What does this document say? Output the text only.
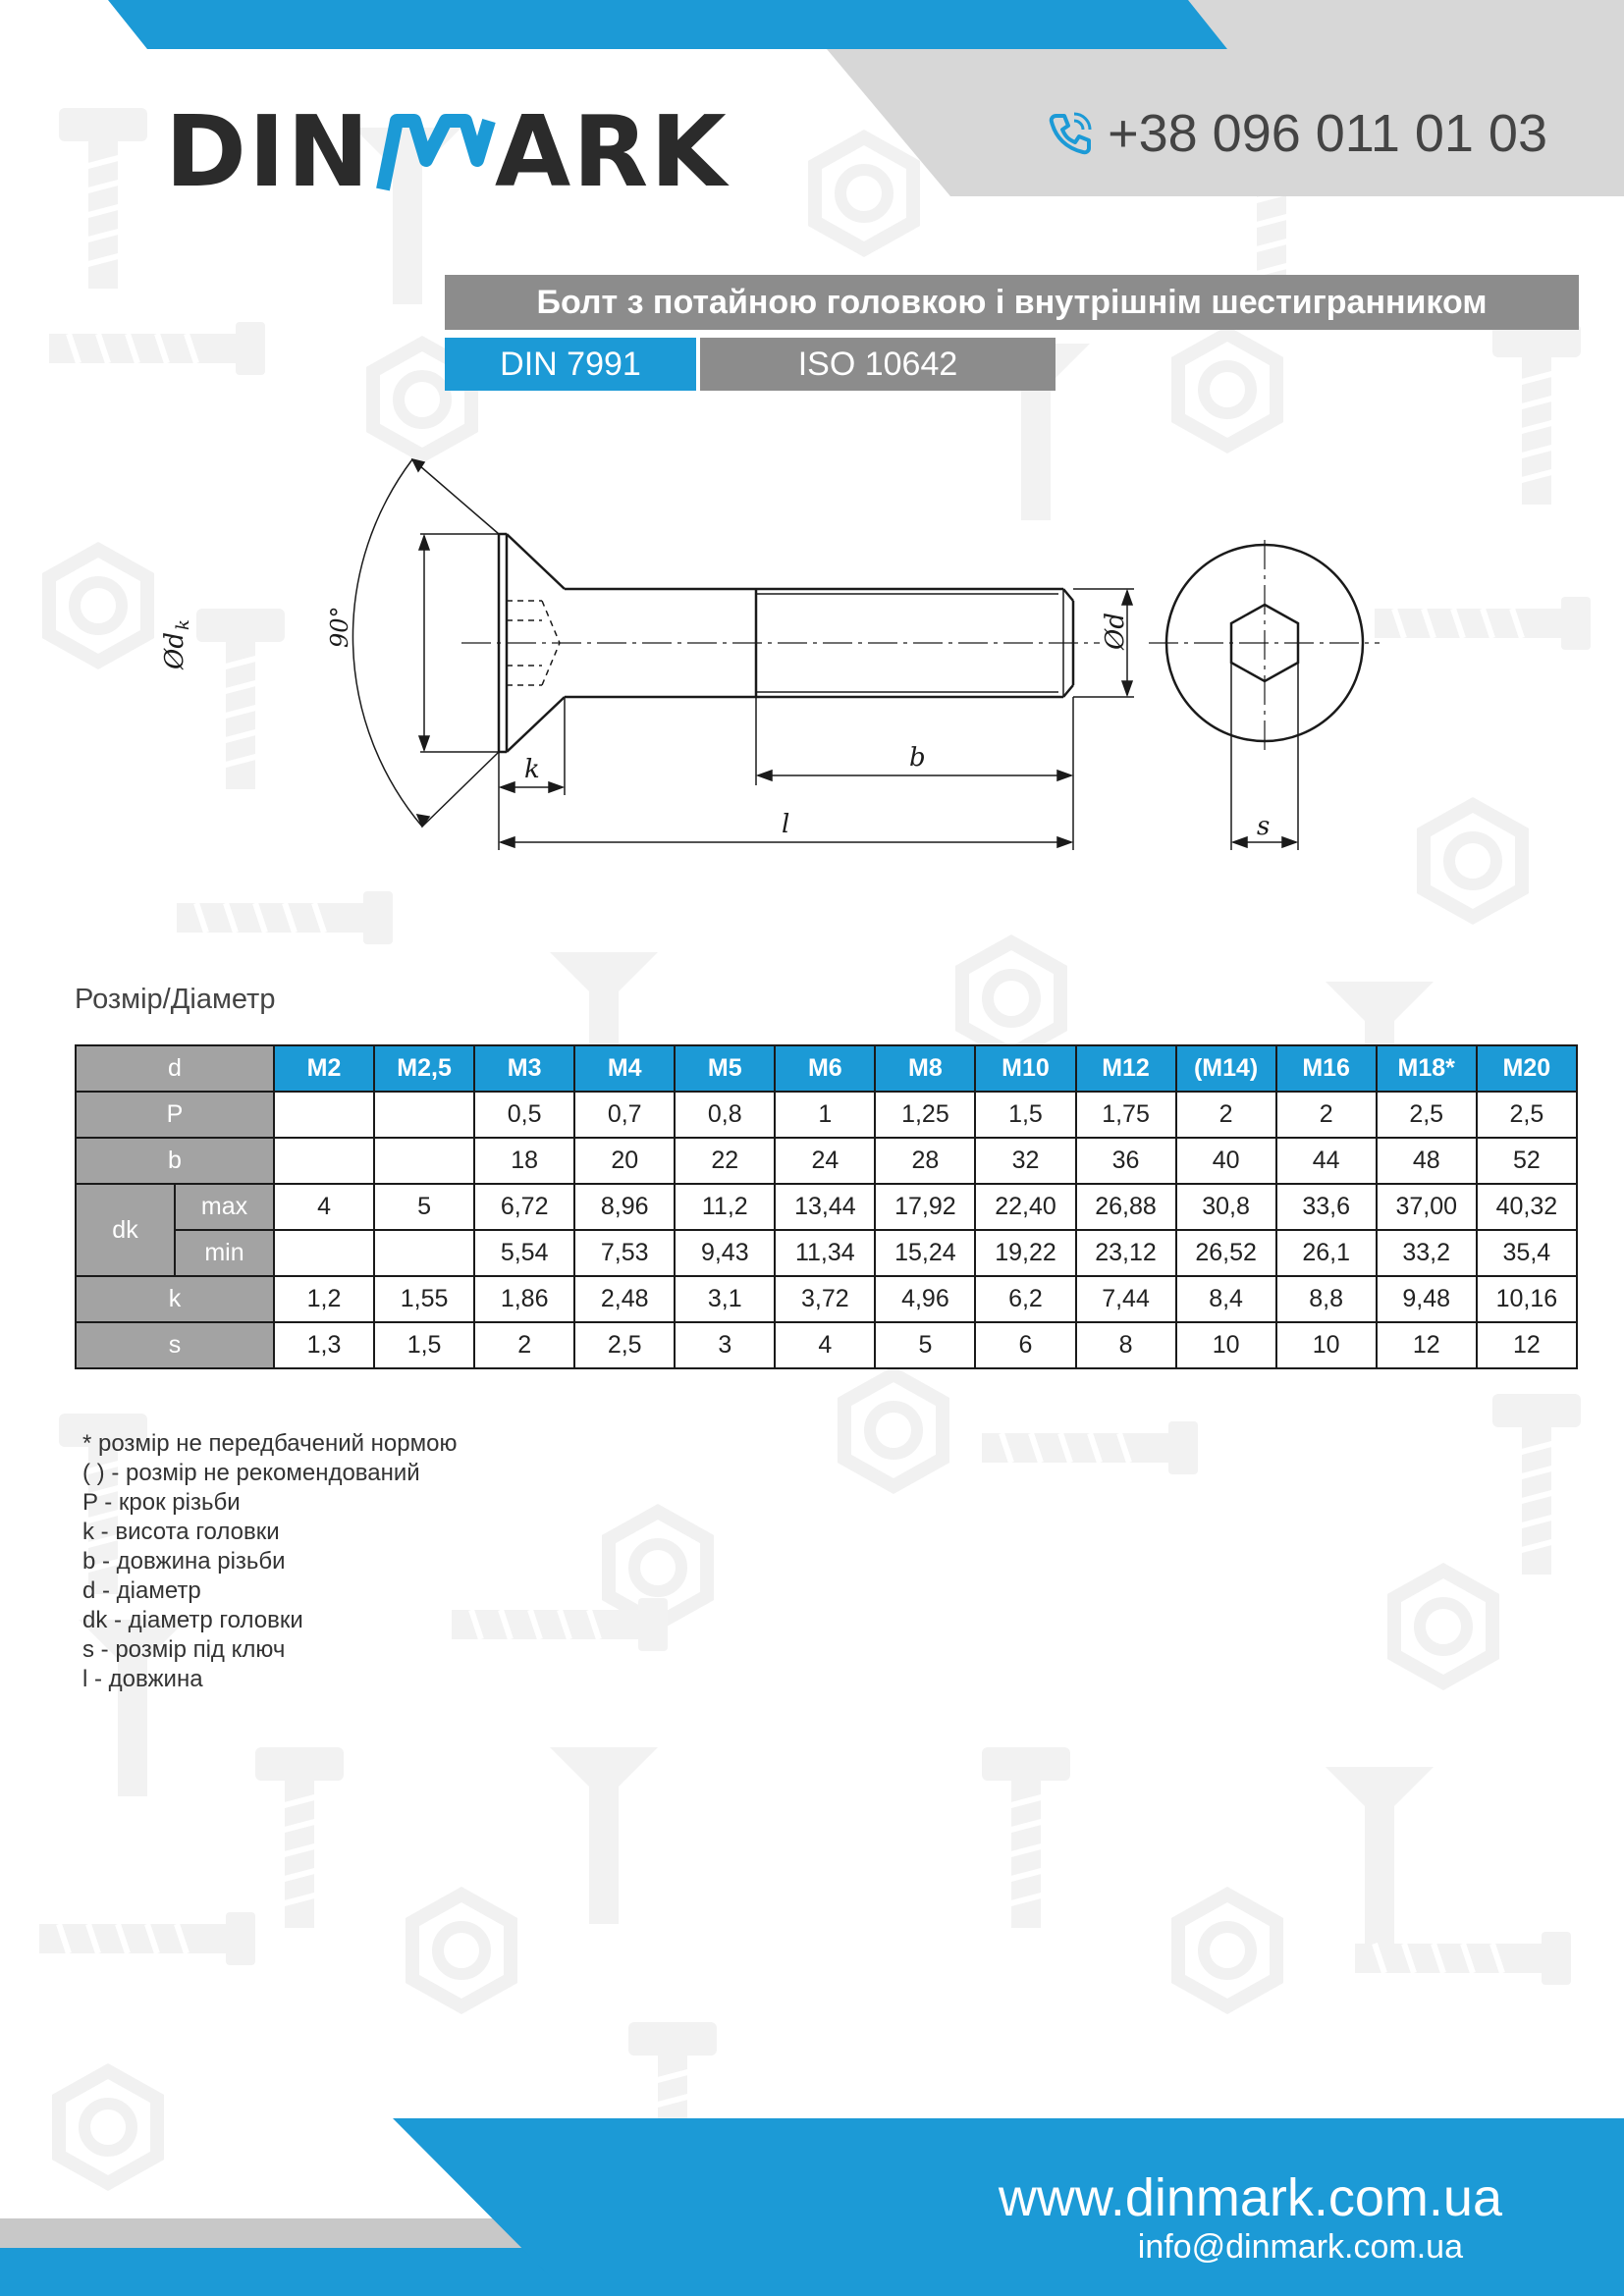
DIN ARK	+38 096 011 01 03
Болт з потайною головкою і внутрішнім шестигранником
DIN 7991	ISO 10642
90°
Ød
k	Ød
k	b
l	s
Розмір/Діаметр
d		M2	M2,5	M3	M4	M5	M6	M8	M10	M12	(M14)	M16	M18*	M20
P				0,5	0,7	0,8	1	1,25	1,5	1,75	2	2	2,5	2,5
b				18	20	22	24	28	32	36	40	44	48	52
dk	max	4	5	6,72	8,96	11,2	13,44	17,92	22,40	26,88	30,8	33,6	37,00	40,32
	min			5,54	7,53	9,43	11,34	15,24	19,22	23,12	26,52	26,1	33,2	35,4
k		1,2	1,55	1,86	2,48	3,1	3,72	4,96	6,2	7,44	8,4	8,8	9,48	10,16
s		1,3	1,5	2	2,5	3	4	5	6	8	10	10	12	12
* розмір не передбачений нормою
( ) - розмір не рекомендований
P - крок різьби
k - висота головки
b - довжина різьби
d - діаметр
dk - діаметр головки
s - розмір під ключ
l - довжина
www.dinmark.com.ua
info@dinmark.com.ua
